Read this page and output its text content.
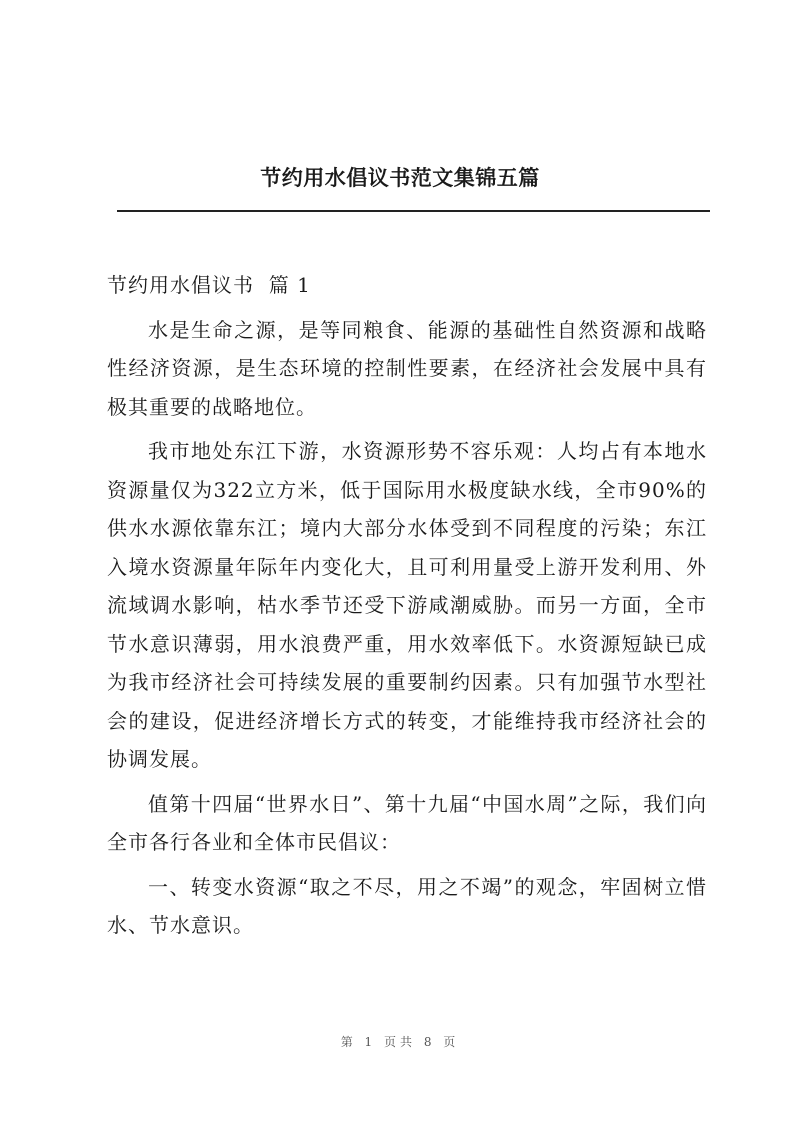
节约用水倡议书范文集锦五篇

节约用水倡议书  篇 1

水是生命之源，是等同粮食、能源的基础性自然资源和战略性经济资源，是生态环境的控制性要素，在经济社会发展中具有极其重要的战略地位。

我市地处东江下游，水资源形势不容乐观：人均占有本地水资源量仅为322立方米，低于国际用水极度缺水线，全市90%的供水水源依靠东江；境内大部分水体受到不同程度的污染；东江入境水资源量年际年内变化大，且可利用量受上游开发利用、外流域调水影响，枯水季节还受下游咸潮威胁。而另一方面，全市节水意识薄弱，用水浪费严重，用水效率低下。水资源短缺已成为我市经济社会可持续发展的重要制约因素。只有加强节水型社会的建设，促进经济增长方式的转变，才能维持我市经济社会的协调发展。

值第十四届“世界水日”、第十九届“中国水周”之际，我们向全市各行各业和全体市民倡议：

一、转变水资源“取之不尽，用之不竭”的观念，牢固树立惜水、节水意识。

第 1 页共 8 页
